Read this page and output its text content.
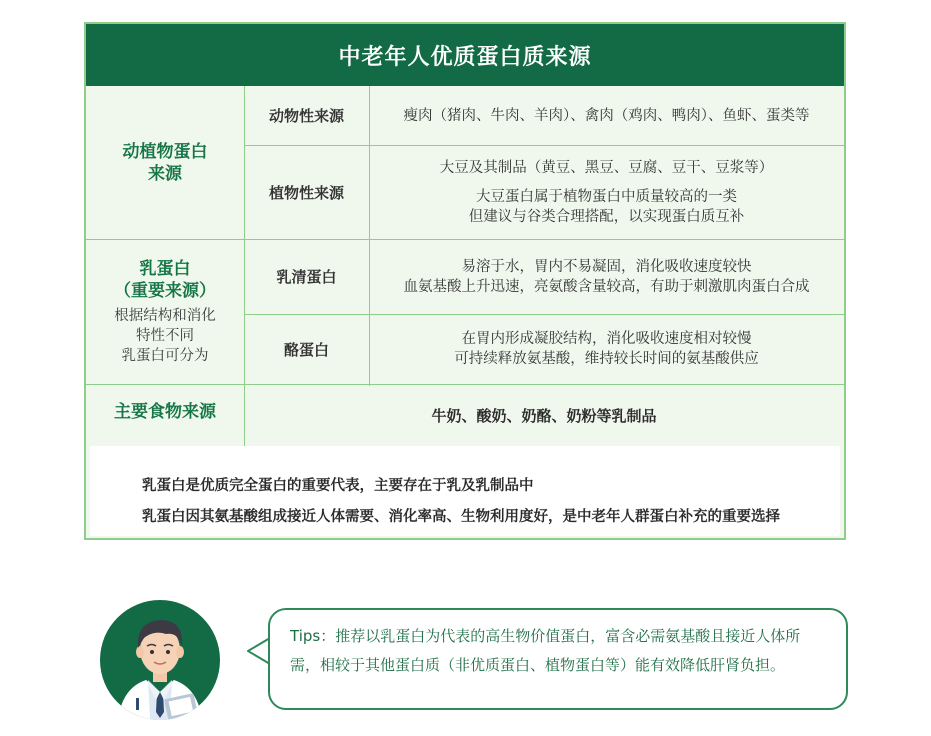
中老年人优质蛋白质来源
动植物蛋白
来源
动物性来源	瘦肉（猪肉、牛肉、羊肉）、禽肉（鸡肉、鸭肉）、鱼虾、蛋类等
植物性来源
大豆及其制品（黄豆、黑豆、豆腐、豆干、豆浆等）
大豆蛋白属于植物蛋白中质量较高的一类
但建议与谷类合理搭配，以实现蛋白质互补
乳蛋白
（重要来源）
根据结构和消化
特性不同
乳蛋白可分为
乳清蛋白
易溶于水，胃内不易凝固，消化吸收速度较快
血氨基酸上升迅速，亮氨酸含量较高，有助于刺激肌肉蛋白合成
酪蛋白
在胃内形成凝胶结构，消化吸收速度相对较慢
可持续释放氨基酸，维持较长时间的氨基酸供应
主要食物来源	牛奶、酸奶、奶酪、奶粉等乳制品

乳蛋白是优质完全蛋白的重要代表，主要存在于乳及乳制品中

乳蛋白因其氨基酸组成接近人体需要、消化率高、生物利用度好，是中老年人群蛋白补充的重要选择

Tips：推荐以乳蛋白为代表的高生物价值蛋白，富含必需氨基酸且接近人体所需，相较于其他蛋白质（非优质蛋白、植物蛋白等）能有效降低肝肾负担。
